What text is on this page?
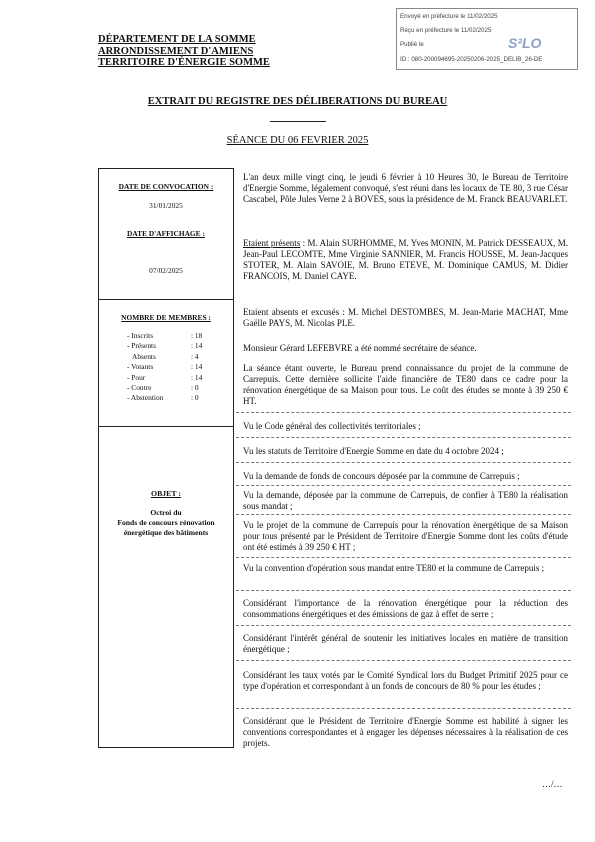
DÉPARTEMENT DE LA SOMME
ARRONDISSEMENT D'AMIENS
TERRITOIRE D'ÉNERGIE SOMME
Envoyé en préfecture le 11/02/2025
Reçu en préfecture le 11/02/2025
Publié le
ID : 080-200094695-20250206-2025_DELIB_26-DE
S²LO
EXTRAIT DU REGISTRE DES DÉLIBERATIONS DU BUREAU
SÉANCE DU 06 FEVRIER 2025
DATE DE CONVOCATION :
31/01/2025
DATE D'AFFICHAGE :
07/02/2025
NOMBRE DE MEMBRES :
- Inscrits
- Présents
Absents
- Votants
- Pour
- Contre
- Abstention
: 18
: 14
: 4
: 14
: 14
: 0
: 0
OBJET :
Octroi du
Fonds de concours rénovation
énergétique des bâtiments

L'an deux mille vingt cinq, le jeudi 6 février à 10 Heures 30, le Bureau de Territoire d'Energie Somme, légalement convoqué, s'est réuni dans les locaux de TE 80, 3 rue César Cascabel, Pôle Jules Verne 2 à BOVES, sous la présidence de M. Franck BEAUVARLET.

Etaient présents : M. Alain SURHOMME, M. Yves MONIN, M. Patrick DESSEAUX, M. Jean-Paul LECOMTE, Mme Virginie SANNIER, M. Francis HOUSSE, M. Jean-Jacques STOTER, M. Alain SAVOIE, M. Bruno ETEVE, M. Dominique CAMUS, M. Didier FRANCOIS, M. Daniel CAYE.

Etaient absents et excusés : M. Michel DESTOMBES, M. Jean-Marie MACHAT, Mme Gaëlle PAYS, M. Nicolas PLE.

Monsieur Gérard LEFEBVRE a été nommé secrétaire de séance.

La séance étant ouverte, le Bureau prend connaissance du projet de la commune de Carrepuis. Cette dernière sollicite l'aide financière de TE80 dans ce cadre pour la rénovation énergétique de sa Maison pour tous. Le coût des études se monte à 39 250 € HT.

Vu le Code général des collectivités territoriales ;

Vu les statuts de Territoire d'Energie Somme en date du 4 octobre 2024 ;

Vu la demande de fonds de concours déposée par la commune de Carrepuis ;

Vu la demande, déposée par la commune de Carrepuis, de confier à TE80 la réalisation sous mandat ;

Vu le projet de la commune de Carrepuis pour la rénovation énergétique de sa Maison pour tous présenté par le Président de Territoire d'Energie Somme dont les coûts d'étude ont été estimés à 39 250 € HT ;

Vu la convention d'opération sous mandat entre TE80 et la commune de Carrepuis ;

Considérant l'importance de la rénovation énergétique pour la réduction des consommations énergétiques et des émissions de gaz à effet de serre ;

Considérant l'intérêt général de soutenir les initiatives locales en matière de transition énergétique ;

Considérant les taux votés par le Comité Syndical lors du Budget Primitif 2025 pour ce type d'opération et correspondant à un fonds de concours de 80 % pour les études ;

Considérant que le Président de Territoire d'Energie Somme est habilité à signer les conventions correspondantes et à engager les dépenses nécessaires à la réalisation de ces projets.

…/…
